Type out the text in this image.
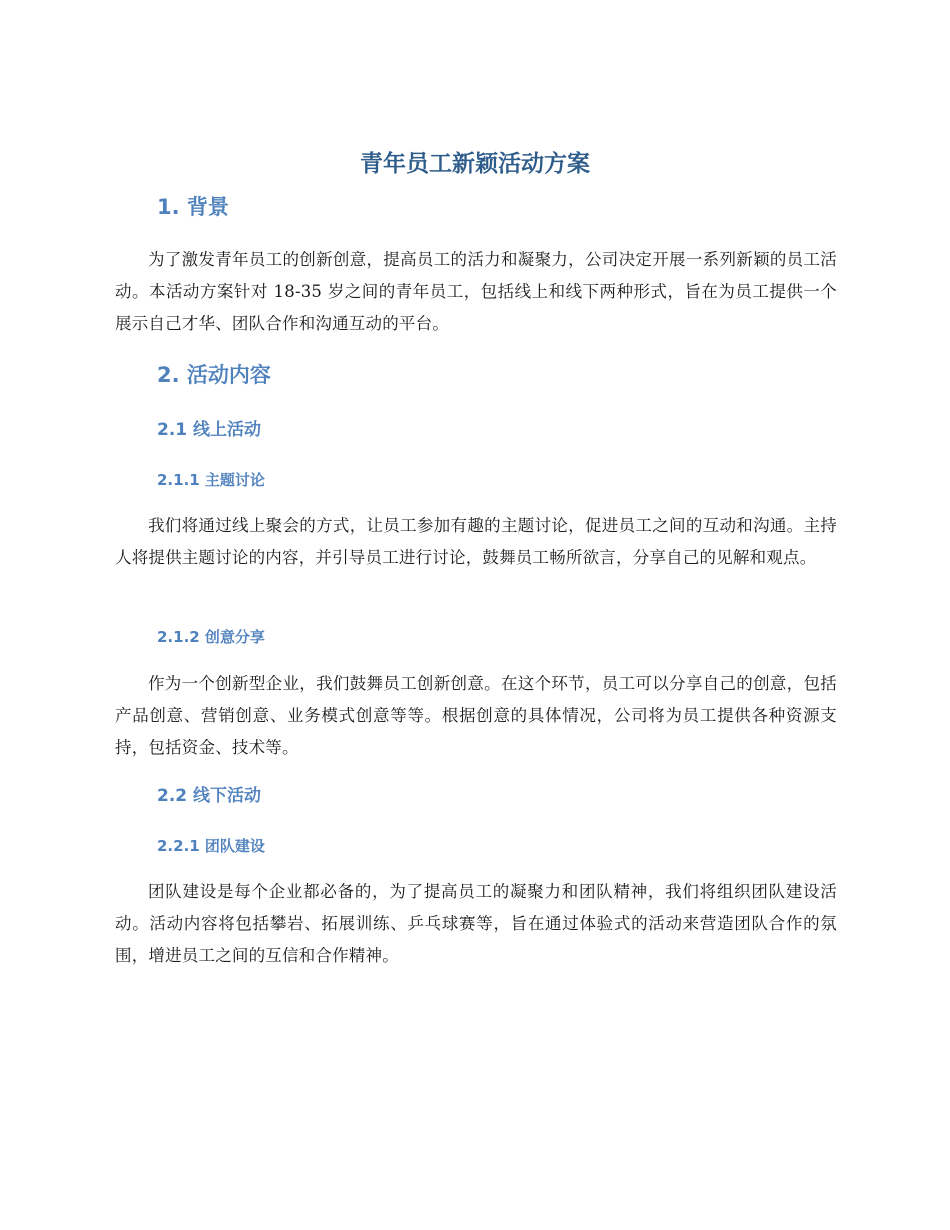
青年员工新颖活动方案
1. 背景

为了激发青年员工的创新创意，提高员工的活力和凝聚力，公司决定开展一系列新颖的员工活动。本活动方案针对 18-35 岁之间的青年员工，包括线上和线下两种形式，旨在为员工提供一个展示自己才华、团队合作和沟通互动的平台。

2. 活动内容
2.1 线上活动
2.1.1 主题讨论

我们将通过线上聚会的方式，让员工参加有趣的主题讨论，促进员工之间的互动和沟通。主持人将提供主题讨论的内容，并引导员工进行讨论，鼓舞员工畅所欲言，分享自己的见解和观点。

2.1.2 创意分享

作为一个创新型企业，我们鼓舞员工创新创意。在这个环节，员工可以分享自己的创意，包括产品创意、营销创意、业务模式创意等等。根据创意的具体情况，公司将为员工提供各种资源支持，包括资金、技术等。

2.2 线下活动
2.2.1 团队建设

团队建设是每个企业都必备的，为了提高员工的凝聚力和团队精神，我们将组织团队建设活动。活动内容将包括攀岩、拓展训练、乒乓球赛等，旨在通过体验式的活动来营造团队合作的氛围，增进员工之间的互信和合作精神。
